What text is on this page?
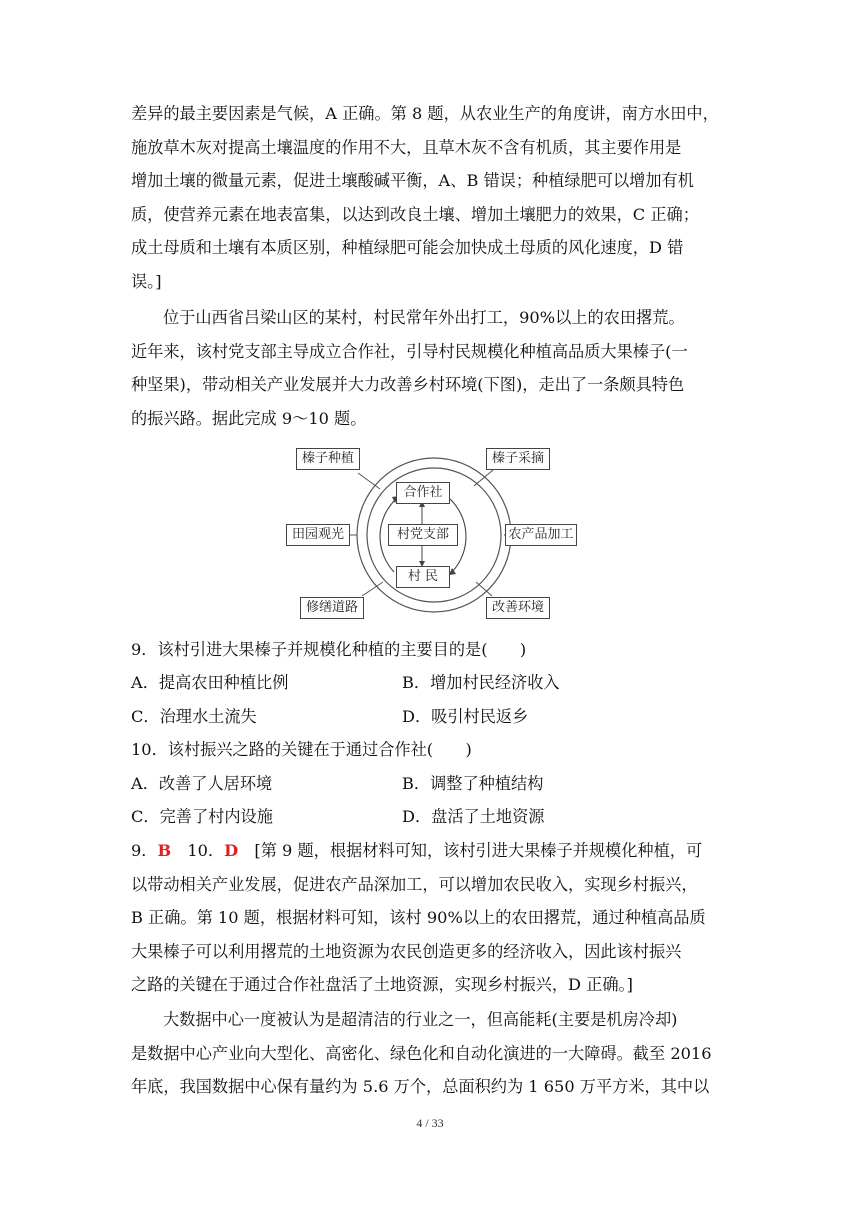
差异的最主要因素是气候，A 正确。第 8 题，从农业生产的角度讲，南方水田中，
施放草木灰对提高土壤温度的作用不大，且草木灰不含有机质，其主要作用是
增加土壤的微量元素，促进土壤酸碱平衡，A、B 错误；种植绿肥可以增加有机
质，使营养元素在地表富集，以达到改良土壤、增加土壤肥力的效果，C 正确；
成土母质和土壤有本质区别，种植绿肥可能会加快成土母质的风化速度，D 错
误。]
位于山西省吕梁山区的某村，村民常年外出打工，90%以上的农田撂荒。
近年来，该村党支部主导成立合作社，引导村民规模化种植高品质大果榛子(一
种坚果)，带动相关产业发展并大力改善乡村环境(下图)，走出了一条颇具特色
的振兴路。据此完成 9～10 题。
合作社
村党支部
村 民
榛子种植	榛子采摘
田园观光	农产品加工
修缮道路	改善环境
9．该村引进大果榛子并规模化种植的主要目的是(　　)
A．提高农田种植比例	B．增加村民经济收入
C．治理水土流失	D．吸引村民返乡
10．该村振兴之路的关键在于通过合作社(　　)
A．改善了人居环境	B．调整了种植结构
C．完善了村内设施	D．盘活了土地资源
9．B　10．D　[第 9 题，根据材料可知，该村引进大果榛子并规模化种植，可
以带动相关产业发展，促进农产品深加工，可以增加农民收入，实现乡村振兴，
B 正确。第 10 题，根据材料可知，该村 90%以上的农田撂荒，通过种植高品质
大果榛子可以利用撂荒的土地资源为农民创造更多的经济收入，因此该村振兴
之路的关键在于通过合作社盘活了土地资源，实现乡村振兴，D 正确。]
大数据中心一度被认为是超清洁的行业之一，但高能耗(主要是机房冷却)
是数据中心产业向大型化、高密化、绿色化和自动化演进的一大障碍。截至 2016
年底，我国数据中心保有量约为 5.6 万个，总面积约为 1 650 万平方米，其中以
4 / 33
